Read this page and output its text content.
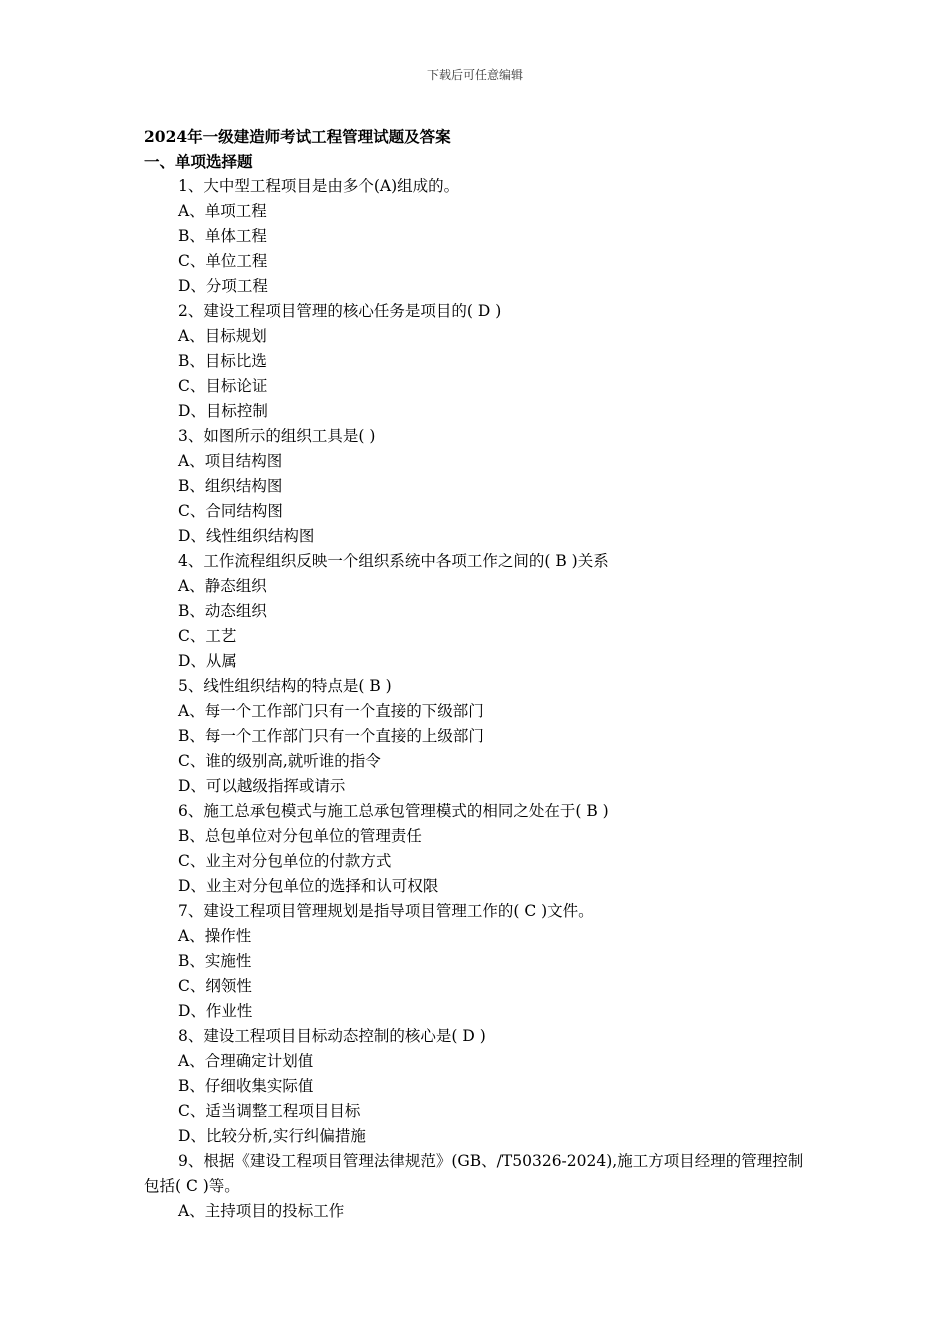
下载后可任意编辑
2024年一级建造师考试工程管理试题及答案
一、单项选择题
1、大中型工程项目是由多个(A)组成的。
A、单项工程
B、单体工程
C、单位工程
D、分项工程
2、建设工程项目管理的核心任务是项目的( D )
A、目标规划
B、目标比选
C、目标论证
D、目标控制
3、如图所示的组织工具是( )
A、项目结构图
B、组织结构图
C、合同结构图
D、线性组织结构图
4、工作流程组织反映一个组织系统中各项工作之间的( B )关系
A、静态组织
B、动态组织
C、工艺
D、从属
5、线性组织结构的特点是( B )
A、每一个工作部门只有一个直接的下级部门
B、每一个工作部门只有一个直接的上级部门
C、谁的级别高,就听谁的指令
D、可以越级指挥或请示
6、施工总承包模式与施工总承包管理模式的相同之处在于( B )
B、总包单位对分包单位的管理责任
C、业主对分包单位的付款方式
D、业主对分包单位的选择和认可权限
7、建设工程项目管理规划是指导项目管理工作的( C )文件。
A、操作性
B、实施性
C、纲领性
D、作业性
8、建设工程项目目标动态控制的核心是( D )
A、合理确定计划值
B、仔细收集实际值
C、适当调整工程项目目标
D、比较分析,实行纠偏措施
9、根据《建设工程项目管理法律规范》(GB、/T50326-2024),施工方项目经理的管理控制包括( C )等。
A、主持项目的投标工作
